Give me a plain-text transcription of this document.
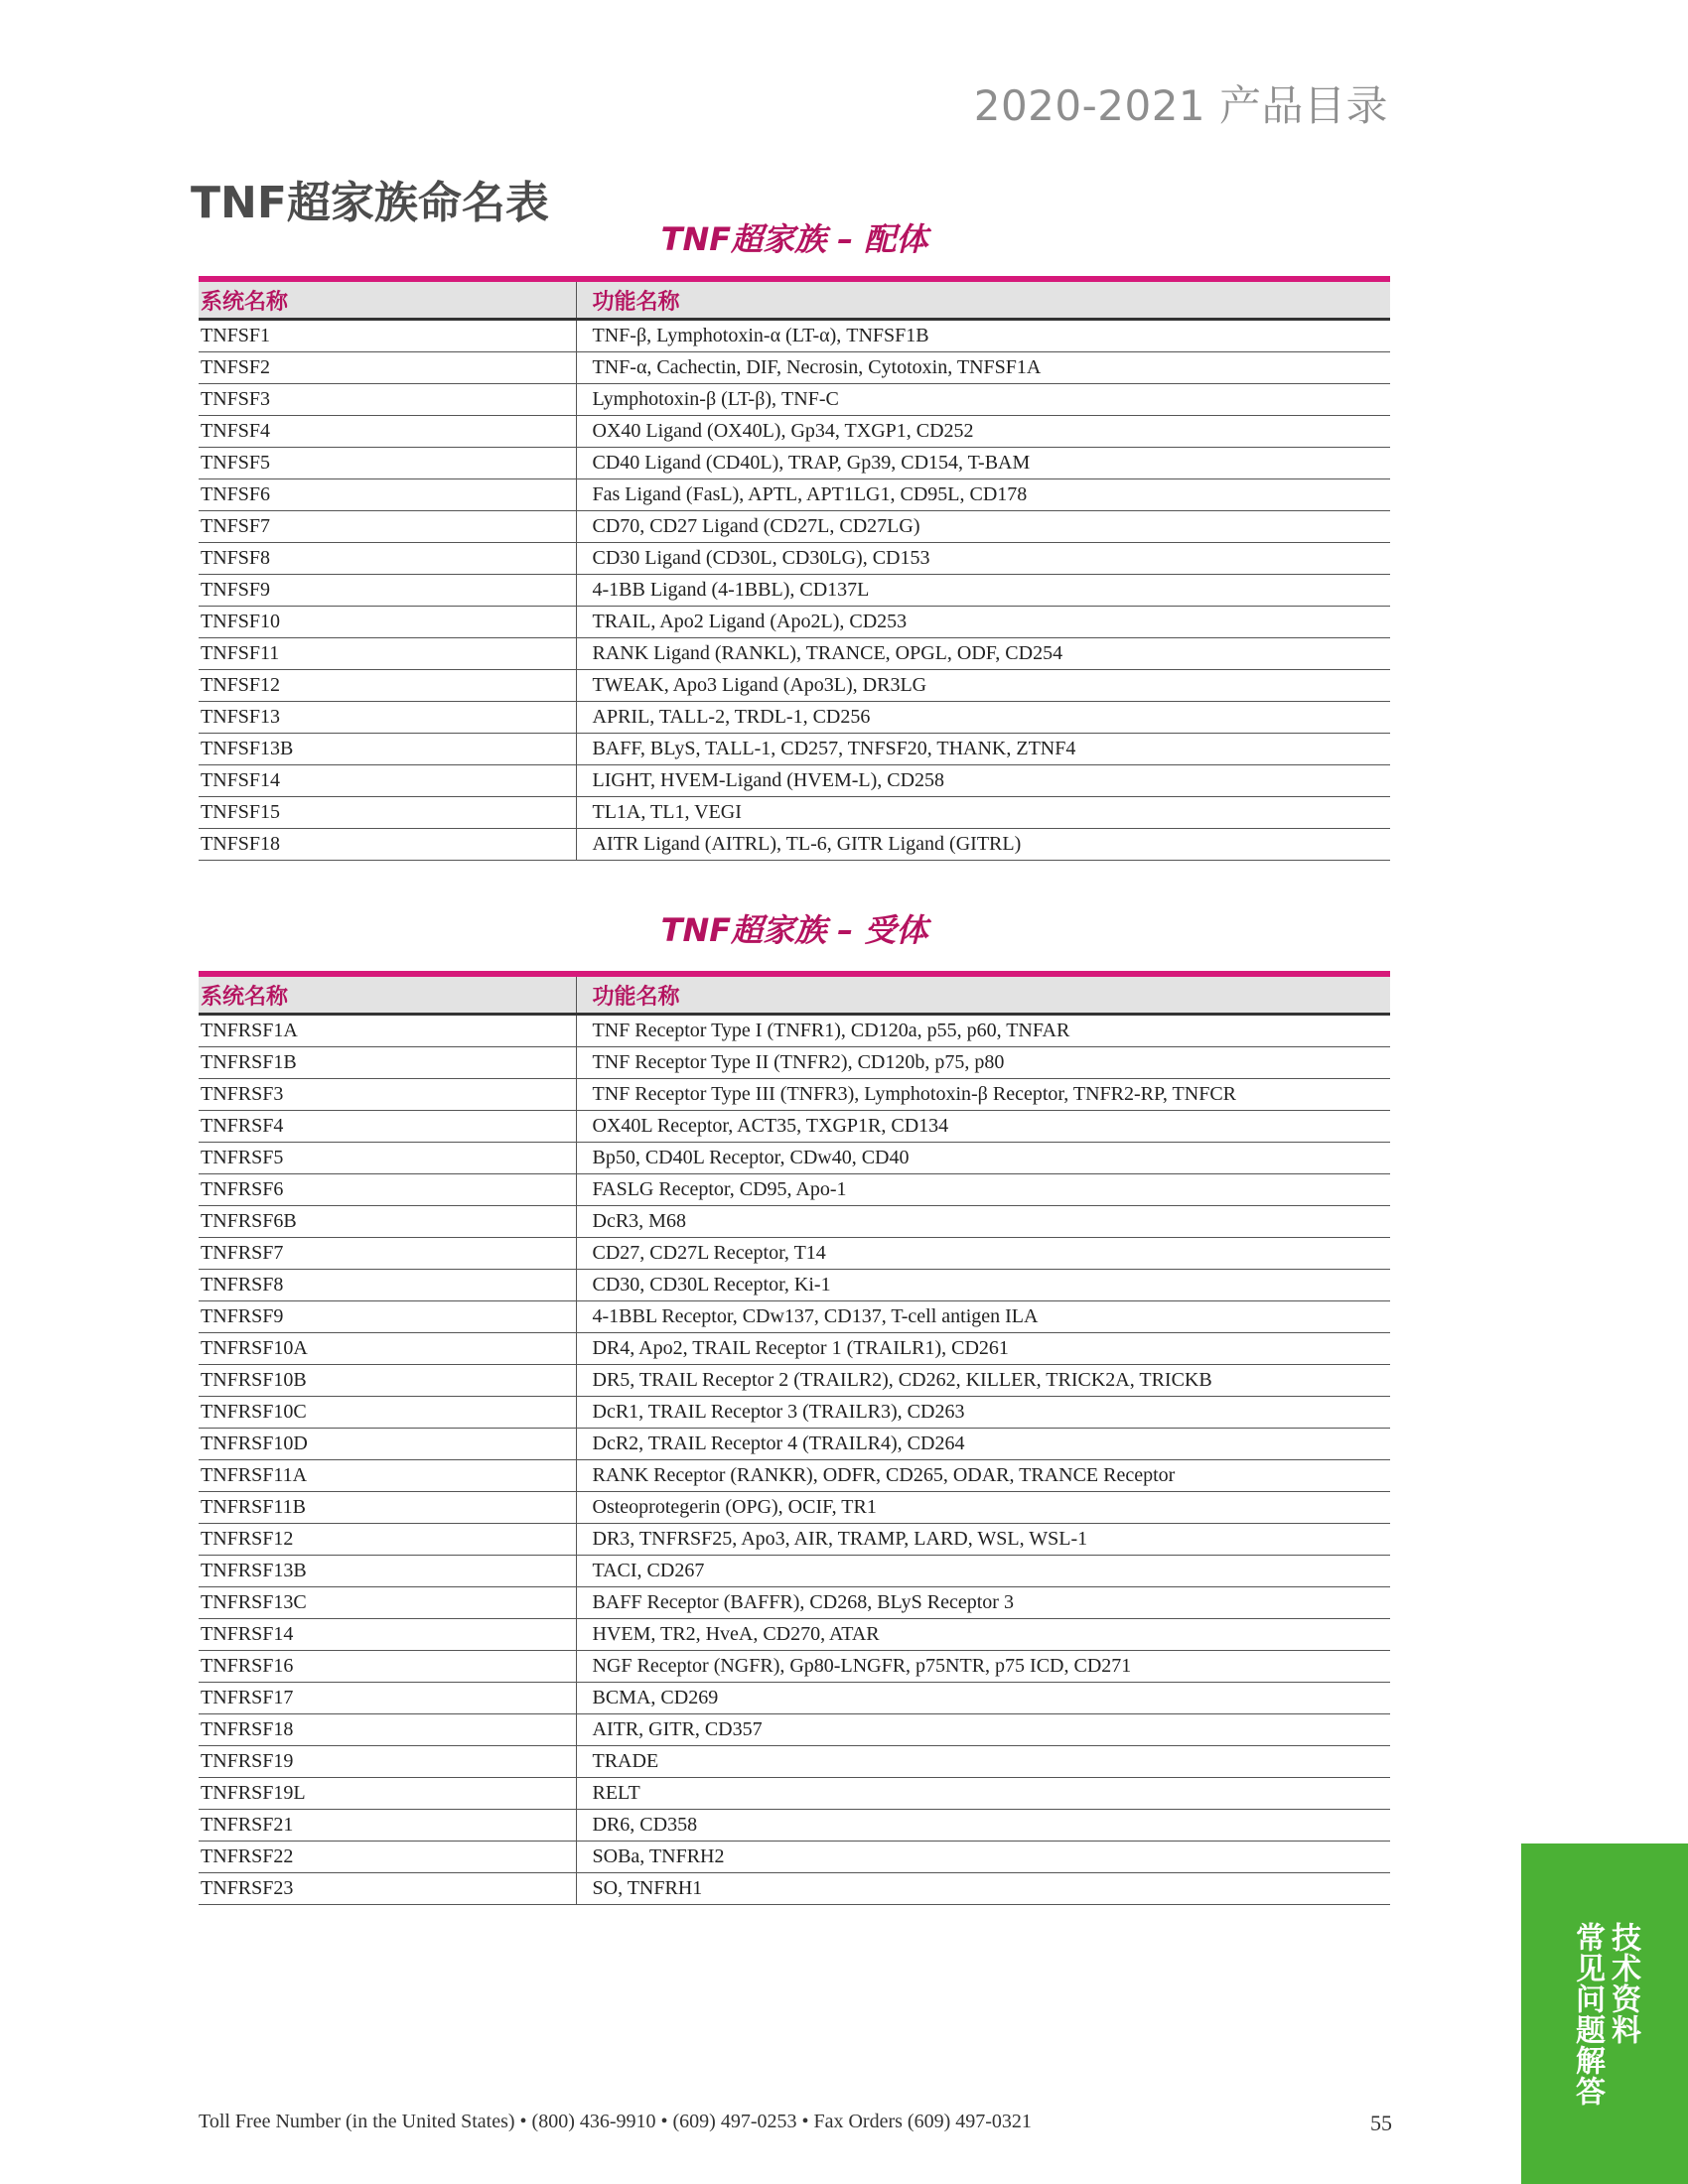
2020-2021 产品目录
TNF超家族命名表
TNF超家族 – 配体
系统名称	功能名称
TNFSF1	TNF-β, Lymphotoxin-α (LT-α), TNFSF1B
TNFSF2	TNF-α, Cachectin, DIF, Necrosin, Cytotoxin, TNFSF1A
TNFSF3	Lymphotoxin-β (LT-β), TNF-C
TNFSF4	OX40 Ligand (OX40L), Gp34, TXGP1, CD252
TNFSF5	CD40 Ligand (CD40L), TRAP, Gp39, CD154, T-BAM
TNFSF6	Fas Ligand (FasL), APTL, APT1LG1, CD95L, CD178
TNFSF7	CD70, CD27 Ligand (CD27L, CD27LG)
TNFSF8	CD30 Ligand (CD30L, CD30LG), CD153
TNFSF9	4-1BB Ligand (4-1BBL), CD137L
TNFSF10	TRAIL, Apo2 Ligand (Apo2L), CD253
TNFSF11	RANK Ligand (RANKL), TRANCE, OPGL, ODF, CD254
TNFSF12	TWEAK, Apo3 Ligand (Apo3L), DR3LG
TNFSF13	APRIL, TALL-2, TRDL-1, CD256
TNFSF13B	BAFF, BLyS, TALL-1, CD257, TNFSF20, THANK, ZTNF4
TNFSF14	LIGHT, HVEM-Ligand (HVEM-L), CD258
TNFSF15	TL1A, TL1, VEGI
TNFSF18	AITR Ligand (AITRL), TL-6, GITR Ligand (GITRL)
TNF超家族 – 受体
系统名称	功能名称
TNFRSF1A	TNF Receptor Type I (TNFR1), CD120a, p55, p60, TNFAR
TNFRSF1B	TNF Receptor Type II (TNFR2), CD120b, p75, p80
TNFRSF3	TNF Receptor Type III (TNFR3), Lymphotoxin-β Receptor, TNFR2-RP, TNFCR
TNFRSF4	OX40L Receptor, ACT35, TXGP1R, CD134
TNFRSF5	Bp50, CD40L Receptor, CDw40, CD40
TNFRSF6	FASLG Receptor, CD95, Apo-1
TNFRSF6B	DcR3, M68
TNFRSF7	CD27, CD27L Receptor, T14
TNFRSF8	CD30, CD30L Receptor, Ki-1
TNFRSF9	4-1BBL Receptor, CDw137, CD137, T-cell antigen ILA
TNFRSF10A	DR4, Apo2, TRAIL Receptor 1 (TRAILR1), CD261
TNFRSF10B	DR5, TRAIL Receptor 2 (TRAILR2), CD262, KILLER, TRICK2A, TRICKB
TNFRSF10C	DcR1, TRAIL Receptor 3 (TRAILR3), CD263
TNFRSF10D	DcR2, TRAIL Receptor 4 (TRAILR4), CD264
TNFRSF11A	RANK Receptor (RANKR), ODFR, CD265, ODAR, TRANCE Receptor
TNFRSF11B	Osteoprotegerin (OPG), OCIF, TR1
TNFRSF12	DR3, TNFRSF25, Apo3, AIR, TRAMP, LARD, WSL, WSL-1
TNFRSF13B	TACI, CD267
TNFRSF13C	BAFF Receptor (BAFFR), CD268, BLyS Receptor 3
TNFRSF14	HVEM, TR2, HveA, CD270, ATAR
TNFRSF16	NGF Receptor (NGFR), Gp80-LNGFR, p75NTR, p75 ICD, CD271
TNFRSF17	BCMA, CD269
TNFRSF18	AITR, GITR, CD357
TNFRSF19	TRADE
TNFRSF19L	RELT
TNFRSF21	DR6, CD358
TNFRSF22	SOBa, TNFRH2
TNFRSF23	SO, TNFRH1
技术资料
常见问题解答
Toll Free Number (in the United States) • (800) 436-9910 • (609) 497-0253 • Fax Orders (609) 497-0321	55
